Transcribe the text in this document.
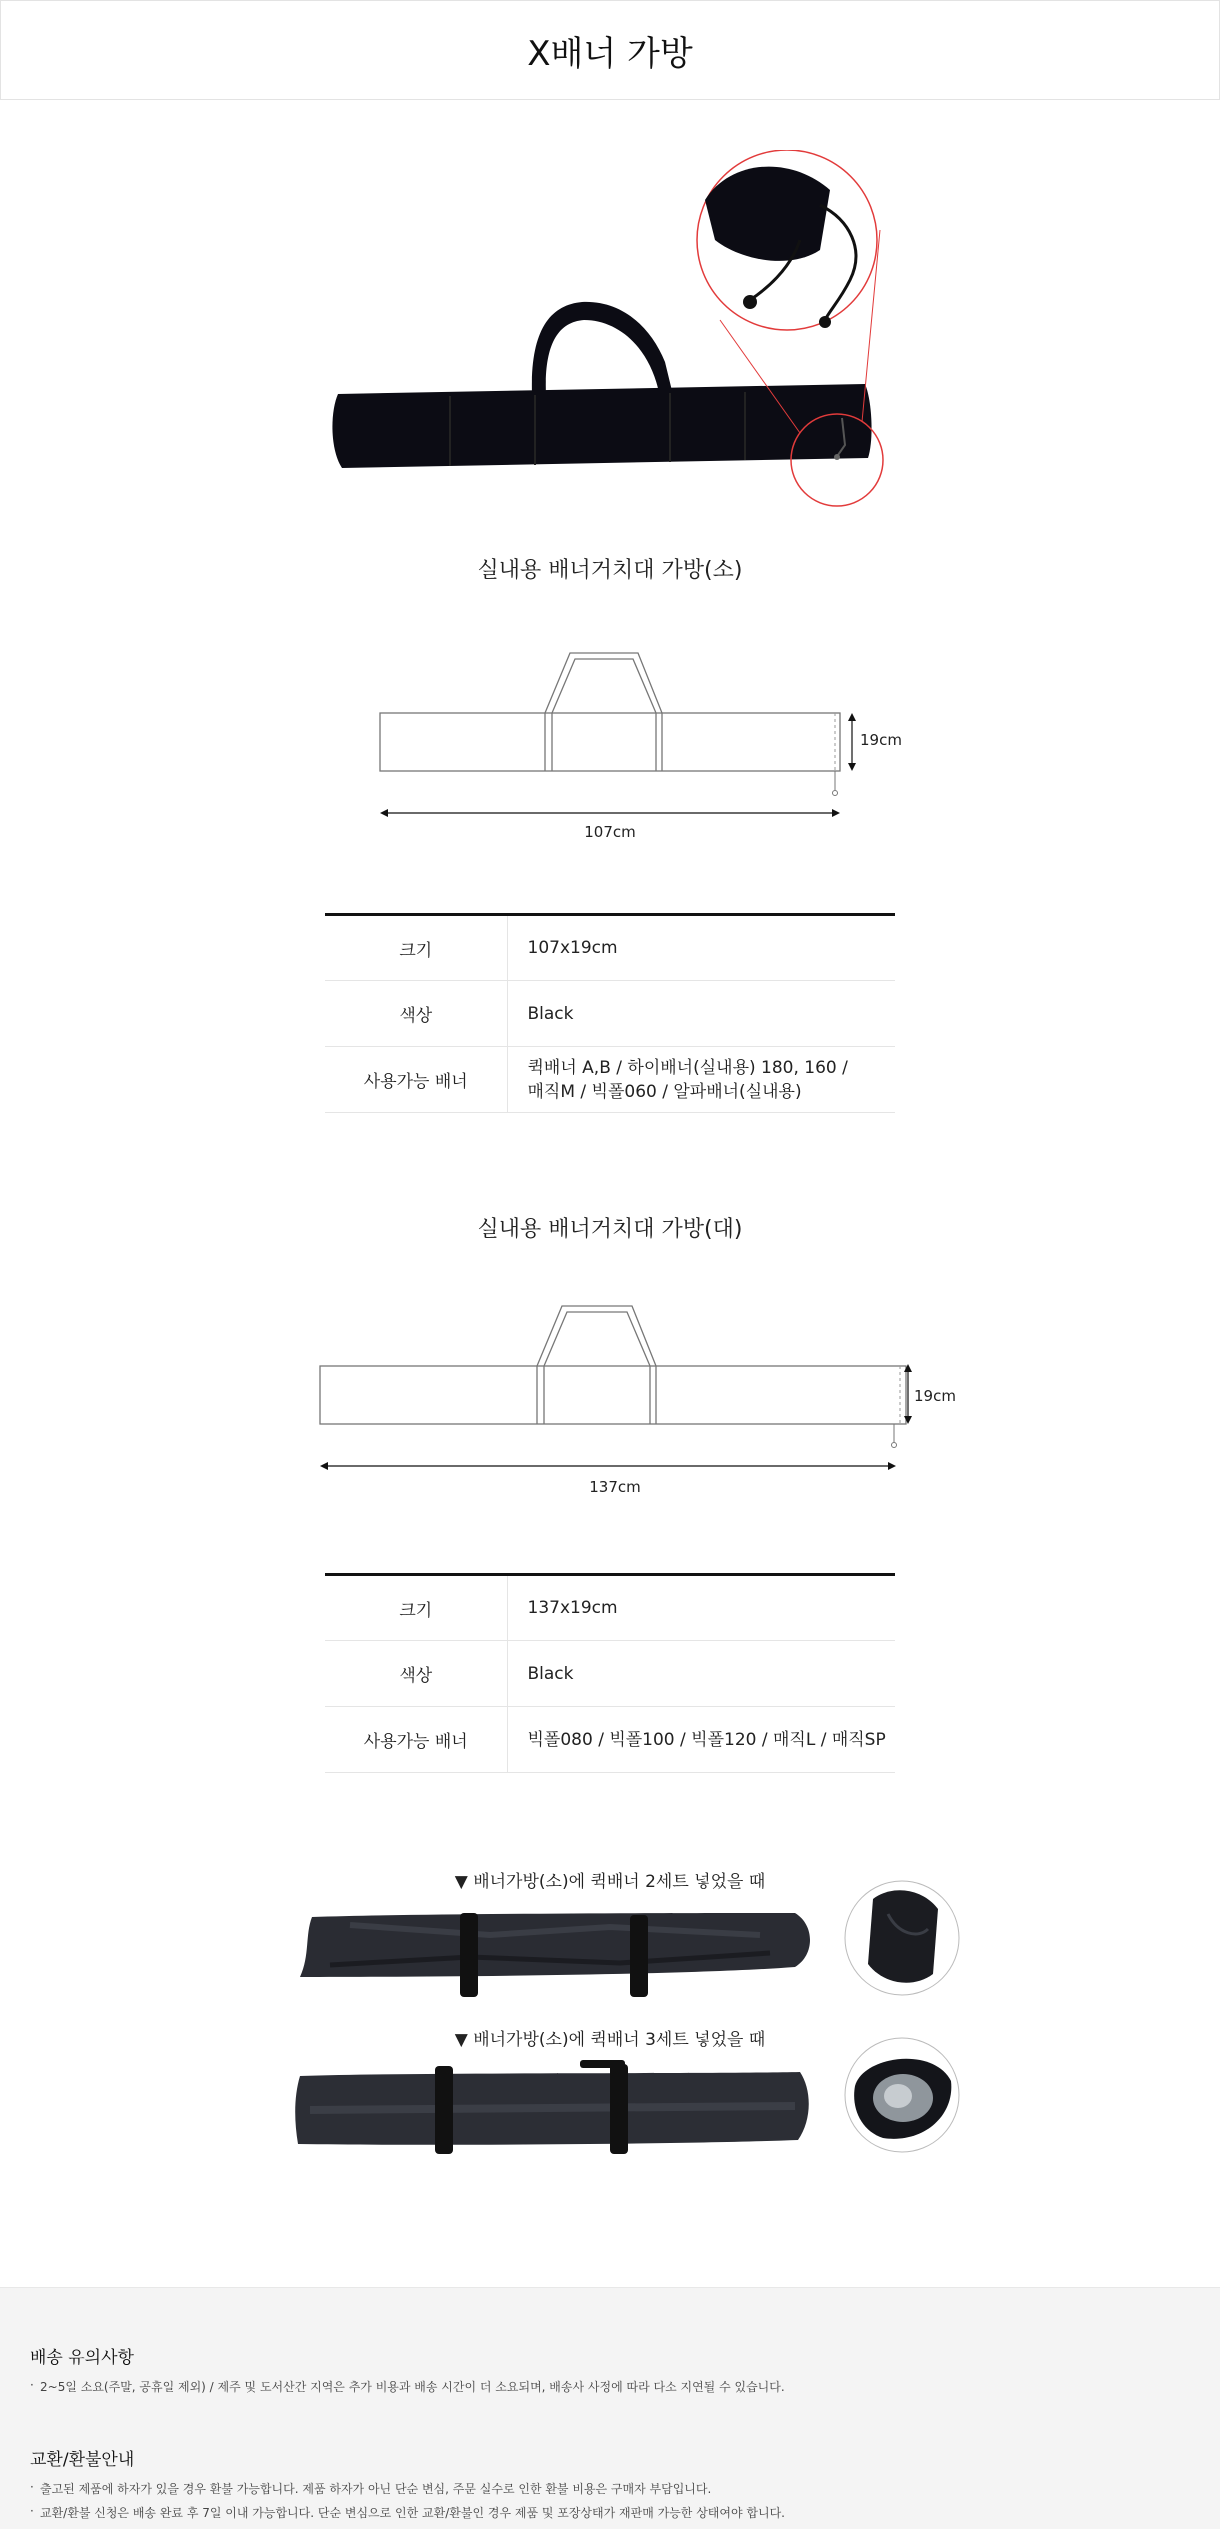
X배너 가방
실내용 배너거치대 가방(소)
19cm
107cm
크기	107x19cm
색상	Black
사용가능 배너	퀵배너 A,B / 하이배너(실내용) 180, 160 /
매직M / 빅폴060 / 알파배너(실내용)
실내용 배너거치대 가방(대)
19cm
137cm
크기	137x19cm
색상	Black
사용가능 배너	빅폴080 / 빅폴100 / 빅폴120 / 매직L / 매직SP
▼ 배너가방(소)에 퀵배너 2세트 넣었을 때
▼ 배너가방(소)에 퀵배너 3세트 넣었을 때
배송 유의사항
· 2~5일 소요(주말, 공휴일 제외) / 제주 및 도서산간 지역은 추가 비용과 배송 시간이 더 소요되며, 배송사 사정에 따라 다소 지연될 수 있습니다.
교환/환불안내
· 출고된 제품에 하자가 있을 경우 환불 가능합니다. 제품 하자가 아닌 단순 변심, 주문 실수로 인한 환불 비용은 구매자 부담입니다.
· 교환/환불 신청은 배송 완료 후 7일 이내 가능합니다. 단순 변심으로 인한 교환/환불인 경우 제품 및 포장상태가 재판매 가능한 상태여야 합니다.
